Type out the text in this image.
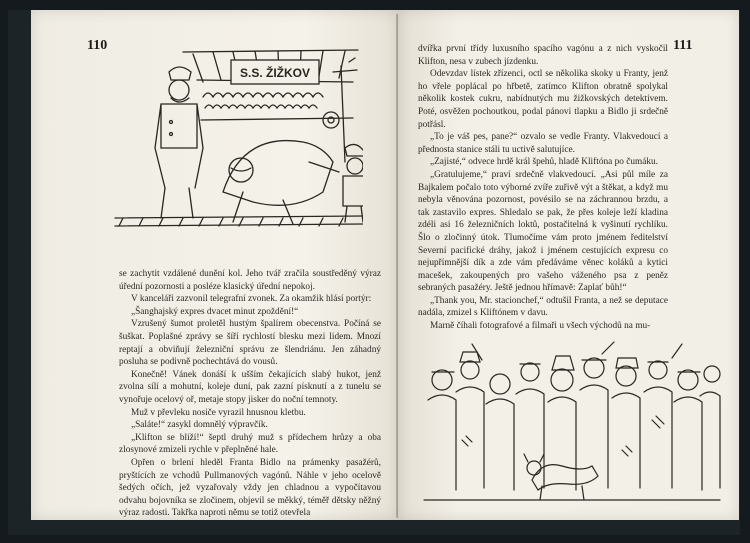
110
S.S. ŽIŽKOV

se zachytit vzdálené dunění kol. Jeho tvář zračila soustředěný výraz úřední pozornosti a posléze klasický úřední nepokoj.

V kanceláři zazvonil telegrafní zvonek. Za okamžik hlásí portýr:

„Šanghajský expres dvacet minut zpoždění!“

Vzrušený šumot proletěl hustým špalírem obecenstva. Počíná se šuškat. Poplašné zprávy se šíří rychlostí blesku mezi lidem. Mnozí reptají a obviňují železniční správu ze šlendriánu. Jen záhadný posluha se podivně pochechtává do vousů.

Konečně! Vánek donáší k ušším čekajících slabý hukot, jenž zvolna sílí a mohutní, koleje duní, pak zazní písknutí a z tunelu se vynořuje ocelový oř, metaje stopy jisker do noční temnoty.

Muž v převleku nosiče vyrazil hnusnou kletbu.

„Saláte!“ zasykl domnělý výpravčík.

„Klifton se blíží!“ šeptl druhý muž s přídechem hrůzy a oba zlosynové zmizeli rychle v přeplněné hale.

Opřen o brlení hleděl Franta Bidlo na prámenky pasažérů, pryštících ze vchodů Pullmanových vagónů. Náhle v jeho ocelově šedých očích, jež vyzařovaly vždy jen chladnou a vypočítavou odvahu bojovníka se zločinem, objevil se měkký, téměř dětsky něžný výraz radosti. Takřka naproti němu se totiž otevřela

111

dvířka první třídy luxusního spacího vagónu a z nich vyskočil Klifton, nesa v zubech jízdenku.

Odevzdav lístek zřízenci, octl se několika skoky u Franty, jenž ho vřele poplácal po hřbetě, zatímco Klifton obratně spolykal několik kostek cukru, nabídnutých mu žižkovských detektivem. Poté, osvěžen pochoutkou, podal pánovi tlapku a Bidlo ji srdečně potřásl.

„To je váš pes, pane?“ ozvalo se vedle Franty. Vlakvedoucí a přednosta stanice stáli tu uctivě salutujíce.

„Zajisté,“ odvece hrdě král špehů, hladě Kliftóna po čumáku.

„Gratulujeme,“ praví srdečně vlakvedoucí. „Asi půl míle za Bajkalem počalo toto výborné zvíře zuřivě výt a štěkat, a když mu nebyla věnována pozornost, povésilo se na záchrannou brzdu, a tak zastavilo expres. Shledalo se pak, že přes koleje leží kladina zdéli asi 16 železničních loktů, postačitelná k vyšinutí rychlíku. Šlo o zločinný útok. Tlumočíme vám proto jménem ředitelství Severní pacifické dráhy, jakož i jménem cestujících expresu co nejupřímnější dík a zde vám předáváme věnec koláků a kytici macešek, zakoupených pro vašeho váženého psa z peněz sebraných pasažéry. Ještě jednou hřímavě: Zaplať bůh!“

„Thank you, Mr. stacionchef,“ odtušil Franta, a než se deputace nadála, zmizel s Kliftónem v davu.

Marně číhali fotografové a filmaři u všech východů na mu-
